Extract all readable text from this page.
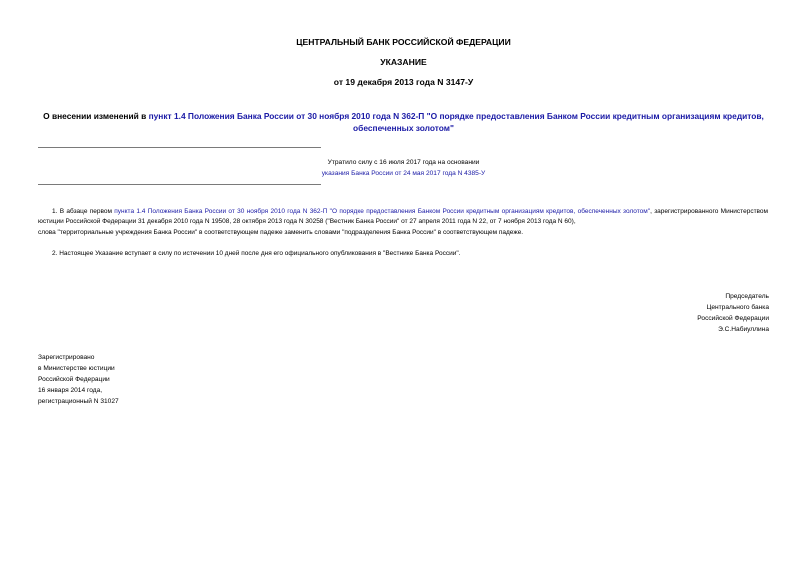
ЦЕНТРАЛЬНЫЙ БАНК РОССИЙСКОЙ ФЕДЕРАЦИИ
УКАЗАНИЕ
от 19 декабря 2013 года N 3147-У
О внесении изменений в пункт 1.4 Положения Банка России от 30 ноября 2010 года N 362-П "О порядке предоставления Банком России кредитным организациям кредитов, обеспеченных золотом"
Утратило силу с 16 июля 2017 года на основании
указания Банка России от 24 мая 2017 года N 4385-У
1. В абзаце первом пункта 1.4 Положения Банка России от 30 ноября 2010 года N 362-П "О порядке предоставления Банком России кредитным организациям кредитов, обеспеченных золотом", зарегистрированного Министерством юстиции Российской Федерации 31 декабря 2010 года N 19508, 28 октября 2013 года N 30258 ("Вестник Банка России" от 27 апреля 2011 года N 22, от 7 ноября 2013 года N 60),
слова "территориальные учреждения Банка России" в соответствующем падеже заменить словами "подразделения Банка России" в соответствующем падеже.
2. Настоящее Указание вступает в силу по истечении 10 дней после дня его официального опубликования в "Вестнике Банка России".
Председатель
Центрального банка
Российской Федерации
Э.С.Набиуллина
Зарегистрировано
в Министерстве юстиции
Российской Федерации
16 января 2014 года,
регистрационный N 31027
